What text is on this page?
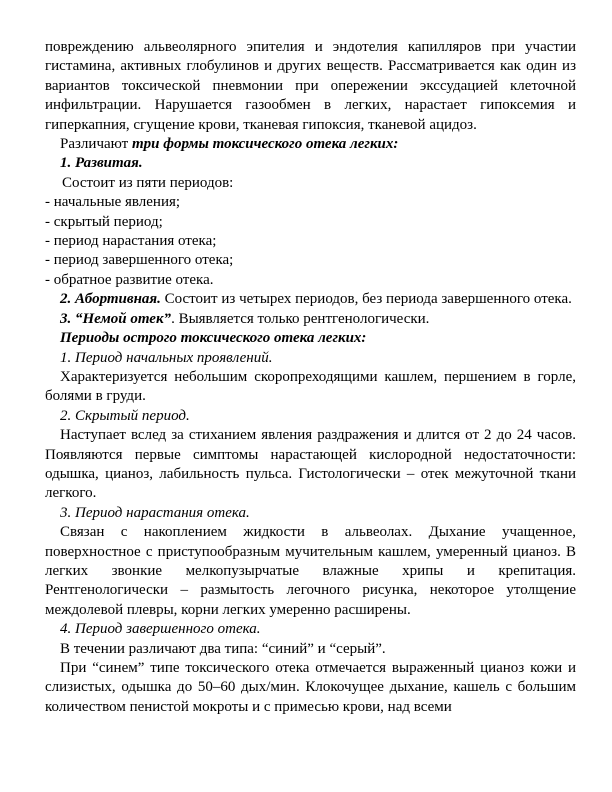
повреждению альвеолярного эпителия и эндотелия капилляров при участии гистамина, активных глобулинов и других веществ. Рассматривается как один из вариантов токсической пневмонии при опережении экссудацией клеточной инфильтрации. Нарушается газообмен в легких, нарастает гипоксемия и гиперкапния, сгущение крови, тканевая гипоксия, тканевой ацидоз.

Различают три формы токсического отека легких:

1. Развитая.

Состоит из пяти периодов:

- начальные явления;

- скрытый период;

- период нарастания отека;

- период завершенного отека;

- обратное развитие отека.

2. Абортивная. Состоит из четырех периодов, без периода завершенного отека.

3. “Немой отек”. Выявляется только рентгенологически.

Периоды острого токсического отека легких:

1. Период начальных проявлений.

Характеризуется небольшим скоропреходящими кашлем, першением в горле, болями в груди.

2. Скрытый период.

Наступает вслед за стиханием явления раздражения и длится от 2 до 24 часов. Появляются первые симптомы нарастающей кислородной недостаточности: одышка, цианоз, лабильность пульса. Гистологически – отек межуточной ткани легкого.

3. Период нарастания отека.

Связан с накоплением жидкости в альвеолах. Дыхание учащенное, поверхностное с приступообразным мучительным кашлем, умеренный цианоз. В легких звонкие мелкопузырчатые влажные хрипы и крепитация. Рентгенологически – размытость легочного рисунка, некоторое утолщение междолевой плевры, корни легких умеренно расширены.

4. Период завершенного отека.

В течении различают два типа: “синий” и “серый”.

При “синем” типе токсического отека отмечается выраженный цианоз кожи и слизистых, одышка до 50–60 дых/мин. Клокочущее дыхание, кашель с большим количеством пенистой мокроты и с примесью крови, над всеми
